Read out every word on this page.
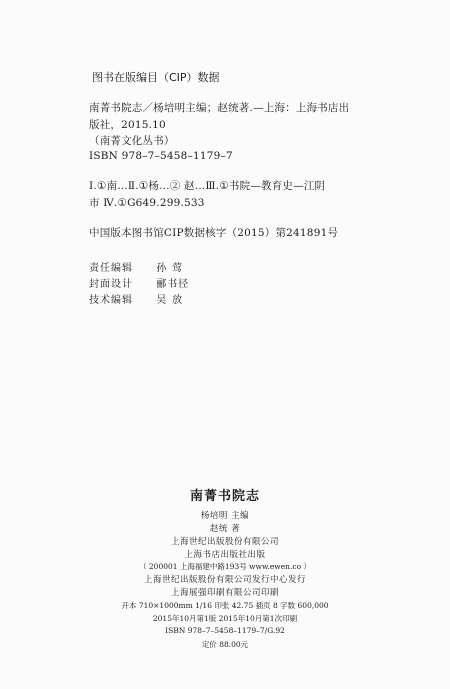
图书在版编目（CIP）数据
南菁书院志／杨培明主编；赵统著.—上海：上海书店出
版社，2015.10
（南菁文化丛书）
ISBN 978–7–5458–1179–7
Ⅰ.①南…Ⅱ.①杨…② 赵…Ⅲ.①书院—教育史—江阴
市 Ⅳ.①G649.299.533
中国版本图书馆CIP数据核字（2015）第241891号
责任编辑 孙莺
封面设计 郦书径
技术编辑 吴放
南菁书院志
杨培明 主编
赵统 著
上海世纪出版股份有限公司
上海书店出版社出版
（ 200001 上海福建中路193号 www.ewen.co ）
上海世纪出版股份有限公司发行中心发行
上海展强印刷有限公司印刷
开本 710×1000mm 1/16 印张 42.75 插页 8 字数 600,000
2015年10月第1版 2015年10月第1次印刷
ISBN 978–7–5458–1179–7/G.92
定价 88.00元
